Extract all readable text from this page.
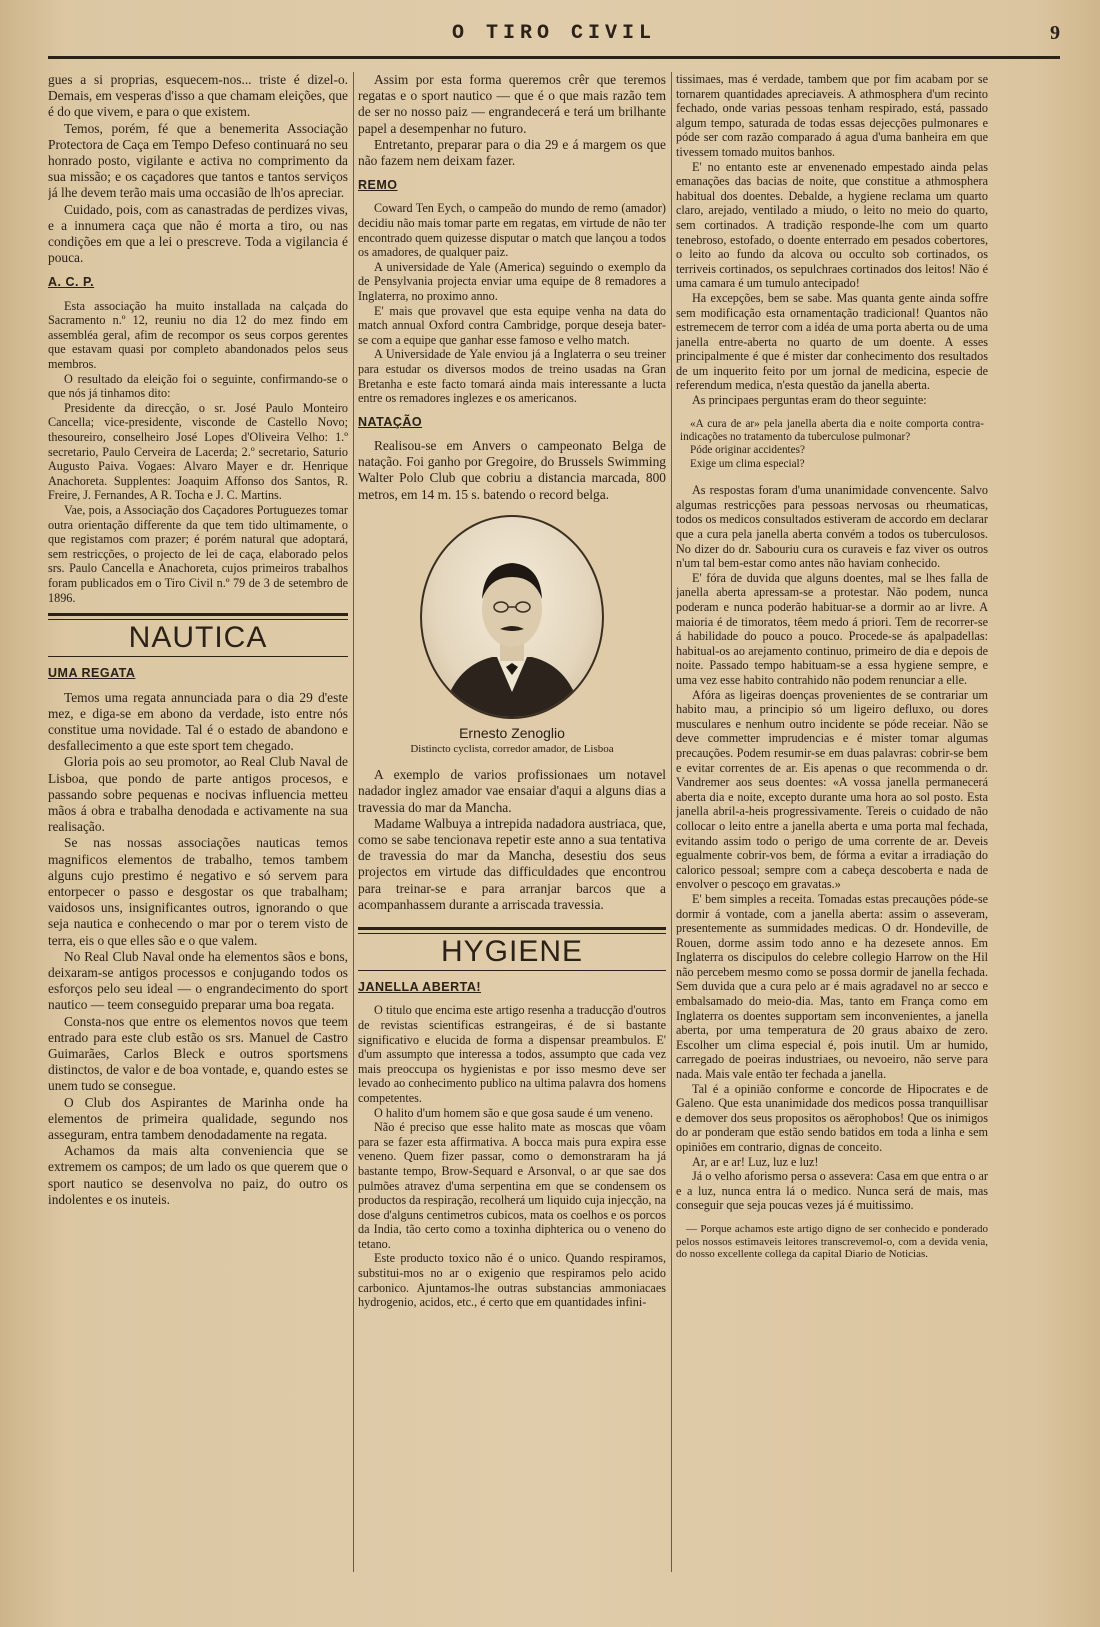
O TIRO CIVIL	9

gues a si proprias, esquecem-nos... triste é dizel-o. Demais, em vesperas d'isso a que chamam eleições, que é do que vivem, e para o que existem.

Temos, porém, fé que a benemerita Associação Protectora de Caça em Tempo Defeso continuará no seu honrado posto, vigilante e activa no comprimento da sua missão; e os caçadores que tantos e tantos serviços já lhe devem terão mais uma occasião de lh'os apreciar.

Cuidado, pois, com as canastradas de perdizes vivas, e a innumera caça que não é morta a tiro, ou nas condições em que a lei o prescreve. Toda a vigilancia é pouca.

A. C. P.

Esta associação ha muito installada na calçada do Sacramento n.º 12, reuniu no dia 12 do mez findo em assembléa geral, afim de recompor os seus corpos gerentes que estavam quasi por completo abandonados pelos seus membros.

O resultado da eleição foi o seguinte, confirmando-se o que nós já tinhamos dito:

Presidente da direcção, o sr. José Paulo Monteiro Cancella; vice-presidente, visconde de Castello Novo; thesoureiro, conselheiro José Lopes d'Oliveira Velho: 1.º secretario, Paulo Cerveira de Lacerda; 2.º secretario, Saturio Augusto Paiva. Vogaes: Alvaro Mayer e dr. Henrique Anachoreta. Supplentes: Joaquim Affonso dos Santos, R. Freire, J. Fernandes, A R. Tocha e J. C. Martins.

Vae, pois, a Associação dos Caçadores Portuguezes tomar outra orientação differente da que tem tido ultimamente, o que registamos com prazer; é porém natural que adoptará, sem restricções, o projecto de lei de caça, elaborado pelos srs. Paulo Cancella e Anachoreta, cujos primeiros trabalhos foram publicados em o Tiro Civil n.º 79 de 3 de setembro de 1896.

NAUTICA
UMA REGATA

Temos uma regata annunciada para o dia 29 d'este mez, e diga-se em abono da verdade, isto entre nós constitue uma novidade. Tal é o estado de abandono e desfallecimento a que este sport tem chegado.

Gloria pois ao seu promotor, ao Real Club Naval de Lisboa, que pondo de parte antigos procesos, e passando sobre pequenas e nocivas influencia metteu mãos á obra e trabalha denodada e activamente na sua realisação.

Se nas nossas associações nauticas temos magnificos elementos de trabalho, temos tambem alguns cujo prestimo é negativo e só servem para entorpecer o passo e desgostar os que trabalham; vaidosos uns, insignificantes outros, ignorando o que seja nautica e conhecendo o mar por o terem visto de terra, eis o que elles são e o que valem.

No Real Club Naval onde ha elementos sãos e bons, deixaram-se antigos processos e conjugando todos os esforços pelo seu ideal — o engrandecimento do sport nautico — teem conseguido preparar uma boa regata.

Consta-nos que entre os elementos novos que teem entrado para este club estão os srs. Manuel de Castro Guimarães, Carlos Bleck e outros sportsmens distinctos, de valor e de boa vontade, e, quando estes se unem tudo se consegue.

O Club dos Aspirantes de Marinha onde ha elementos de primeira qualidade, segundo nos asseguram, entra tambem denodadamente na regata.

Achamos da mais alta conveniencia que se extremem os campos; de um lado os que querem que o sport nautico se desenvolva no paiz, do outro os indolentes e os inuteis.

Assim por esta forma queremos crêr que teremos regatas e o sport nautico — que é o que mais razão tem de ser no nosso paiz — engrandecerá e terá um brilhante papel a desempenhar no futuro.

Entretanto, preparar para o dia 29 e á margem os que não fazem nem deixam fazer.

REMO

Coward Ten Eych, o campeão do mundo de remo (amador) decidiu não mais tomar parte em regatas, em virtude de não ter encontrado quem quizesse disputar o match que lançou a todos os amadores, de qualquer paiz.

A universidade de Yale (America) seguindo o exemplo da de Pensylvania projecta enviar uma equipe de 8 remadores a Inglaterra, no proximo anno.

E' mais que provavel que esta equipe venha na data do match annual Oxford contra Cambridge, porque deseja bater-se com a equipe que ganhar esse famoso e velho match.

A Universidade de Yale enviou já a Inglaterra o seu treiner para estudar os diversos modos de treino usadas na Gran Bretanha e este facto tomará ainda mais interessante a lucta entre os remadores inglezes e os americanos.

NATAÇÃO

Realisou-se em Anvers o campeonato Belga de natação. Foi ganho por Gregoire, do Brussels Swimming Walter Polo Club que cobriu a distancia marcada, 800 metros, em 14 m. 15 s. batendo o record belga.

Ernesto Zenoglio
Distincto cyclista, corredor amador, de Lisboa

A exemplo de varios profissionaes um notavel nadador inglez amador vae ensaiar d'aqui a alguns dias a travessia do mar da Mancha.

Madame Walbuya a intrepida nadadora austriaca, que, como se sabe tencionava repetir este anno a sua tentativa de travessia do mar da Mancha, desestiu dos seus projectos em virtude das difficuldades que encontrou para treinar-se e para arranjar barcos que a acompanhassem durante a arriscada travessia.

HYGIENE
JANELLA ABERTA!

O titulo que encima este artigo resenha a traducção d'outros de revistas scientificas estrangeiras, é de si bastante significativo e elucida de forma a dispensar preambulos. E' d'um assumpto que interessa a todos, assumpto que cada vez mais preoccupa os hygienistas e por isso mesmo deve ser levado ao conhecimento publico na ultima palavra dos homens competentes.

O halito d'um homem são e que gosa saude é um veneno.

Não é preciso que esse halito mate as moscas que vôam para se fazer esta affirmativa. A bocca mais pura expira esse veneno. Quem fizer passar, como o demonstraram ha já bastante tempo, Brow-Sequard e Arsonval, o ar que sae dos pulmões atravez d'uma serpentina em que se condensem os productos da respiração, recolherá um liquido cuja injecção, na dose d'alguns centimetros cubicos, mata os coelhos e os porcos da India, tão certo como a toxinha diphterica ou o veneno do tetano.

Este producto toxico não é o unico. Quando respiramos, substitui-mos no ar o exigenio que respiramos pelo acido carbonico. Ajuntamos-lhe outras substancias ammoniacaes hydrogenio, acidos, etc., é certo que em quantidades infini-

tissimaes, mas é verdade, tambem que por fim acabam por se tornarem quantidades apreciaveis. A athmosphera d'um recinto fechado, onde varias pessoas tenham respirado, está, passado algum tempo, saturada de todas essas dejecções pulmonares e póde ser com razão comparado á agua d'uma banheira em que tivessem tomado muitos banhos.

E' no entanto este ar envenenado empestado ainda pelas emanações das bacias de noite, que constitue a athmosphera habitual dos doentes. Debalde, a hygiene reclama um quarto claro, arejado, ventilado a miudo, o leito no meio do quarto, sem cortinados. A tradição responde-lhe com um quarto tenebroso, estofado, o doente enterrado em pesados cobertores, o leito ao fundo da alcova ou occulto sob cortinados, os terriveis cortinados, os sepulchraes cortinados dos leitos! Não é uma camara é um tumulo antecipado!

Ha excepções, bem se sabe. Mas quanta gente ainda soffre sem modificação esta ornamentação tradicional! Quantos não estremecem de terror com a idéa de uma porta aberta ou de uma janella entre-aberta no quarto de um doente. A esses principalmente é que é mister dar conhecimento dos resultados de um inquerito feito por um jornal de medicina, especie de referendum medica, n'esta questão da janella aberta.

As principaes perguntas eram do theor seguinte:

«A cura de ar» pela janella aberta dia e noite comporta contra-indicações no tratamento da tuberculose pulmonar?
Póde originar accidentes?
Exige um clima especial?

As respostas foram d'uma unanimidade convencente. Salvo algumas restricções para pessoas nervosas ou rheumaticas, todos os medicos consultados estiveram de accordo em declarar que a cura pela janella aberta convém a todos os tuberculosos. No dizer do dr. Sabouriu cura os curaveis e faz viver os outros n'um tal bem-estar como antes não haviam conhecido.

E' fóra de duvida que alguns doentes, mal se lhes falla de janella aberta apressam-se a protestar. Não podem, nunca poderam e nunca poderão habituar-se a dormir ao ar livre. A maioria é de timoratos, têem medo á priori. Tem de recorrer-se á habilidade do pouco a pouco. Procede-se ás apalpadellas: habitual-os ao arejamento continuo, primeiro de dia e depois de noite. Passado tempo habituam-se a essa hygiene sempre, e uma vez esse habito contrahido não podem renunciar a elle.

Afóra as ligeiras doenças provenientes de se contrariar um habito mau, a principio só um ligeiro defluxo, ou dores musculares e nenhum outro incidente se póde receiar. Não se deve commetter imprudencias e é mister tomar algumas precauções. Podem resumir-se em duas palavras: cobrir-se bem e evitar correntes de ar. Eis apenas o que recommenda o dr. Vandremer aos seus doentes: «A vossa janella permanecerá aberta dia e noite, excepto durante uma hora ao sol posto. Esta janella abril-a-heis progressivamente. Tereis o cuidado de não collocar o leito entre a janella aberta e uma porta mal fechada, evitando assim todo o perigo de uma corrente de ar. Deveis egualmente cobrir-vos bem, de fórma a evitar a irradiação do calorico pessoal; sempre com a cabeça descoberta e nada de envolver o pescoço em gravatas.»

E' bem simples a receita. Tomadas estas precauções póde-se dormir á vontade, com a janella aberta: assim o asseveram, presentemente as summidades medicas. O dr. Hondeville, de Rouen, dorme assim todo anno e ha dezesete annos. Em Inglaterra os discipulos do celebre collegio Harrow on the Hil não percebem mesmo como se possa dormir de janella fechada. Sem duvida que a cura pelo ar é mais agradavel no ar secco e embalsamado do meio-dia. Mas, tanto em França como em Inglaterra os doentes supportam sem inconvenientes, a janella aberta, por uma temperatura de 20 graus abaixo de zero. Escolher um clima especial é, pois inutil. Um ar humido, carregado de poeiras industriaes, ou nevoeiro, não serve para nada. Mais vale então ter fechada a janella.

Tal é a opinião conforme e concorde de Hipocrates e de Galeno. Que esta unanimidade dos medicos possa tranquillisar e demover dos seus propositos os aërophobos! Que os inimigos do ar ponderam que estão sendo batidos em toda a linha e sem opiniões em contrario, dignas de conceito.

Ar, ar e ar! Luz, luz e luz!

Já o velho aforismo persa o assevera: Casa em que entra o ar e a luz, nunca entra lá o medico. Nunca será de mais, mas conseguir que seja poucas vezes já é muitissimo.

— Porque achamos este artigo digno de ser conhecido e ponderado pelos nossos estimaveis leitores transcrevemol-o, com a devida venia, do nosso excellente collega da capital Diario de Noticias.
